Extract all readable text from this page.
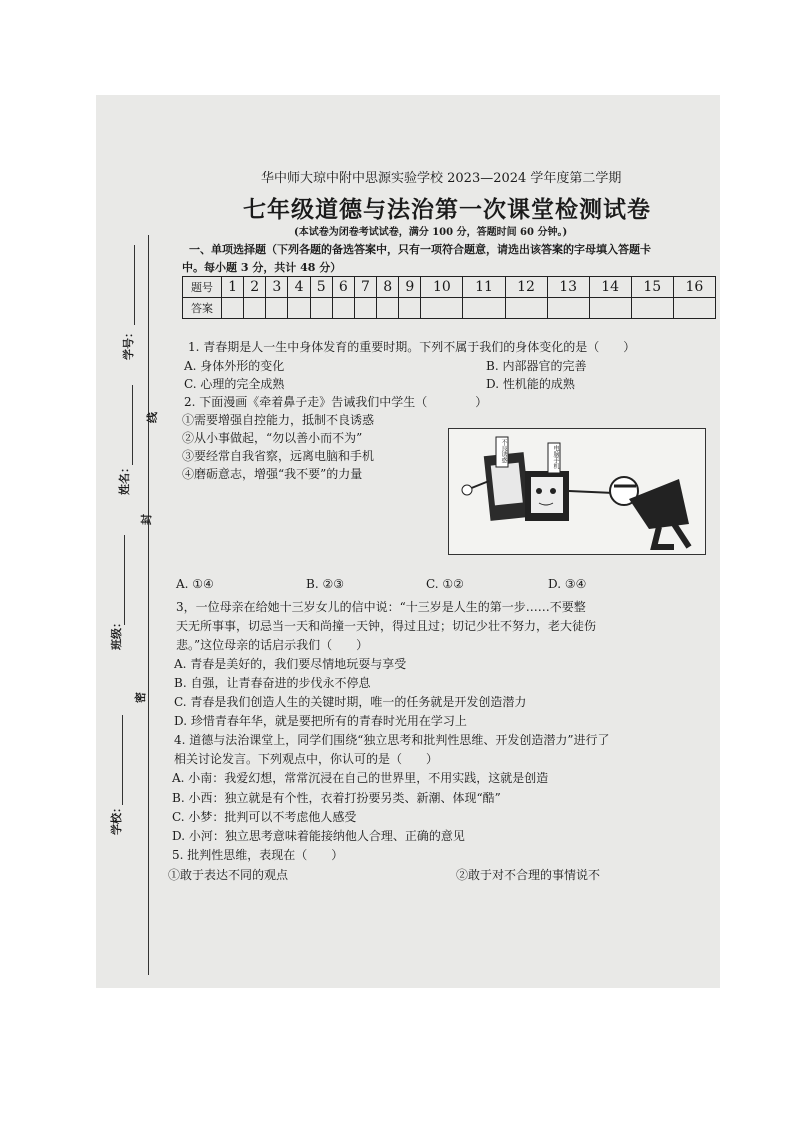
学号：
线
姓名：
封
班级：
密
学校：
华中师大琼中附中思源实验学校 2023—2024 学年度第二学期
七年级道德与法治第一次课堂检测试卷
(本试卷为闭卷考试试卷，满分 100 分，答题时间 60 分钟。)
一、单项选择题（下列各题的备选答案中，只有一项符合题意，请选出该答案的字母填入答题卡
中。每小题 3 分，共计 48 分）
题号	1	2	3	4	5	6	7	8	9	10	11	12	13	14	15	16
答案																
1. 青春期是人一生中身体发育的重要时期。下列不属于我们的身体变化的是（　　）
A. 身体外形的变化	B. 内部器官的完善
C. 心理的完全成熟	D. 性机能的成熟
2. 下面漫画《牵着鼻子走》告诫我们中学生（　　　　）
①需要增强自控能力，抵制不良诱惑
②从小事做起，“勿以善小而不为”
③要经常自我省察，远离电脑和手机
④磨砺意志，增强“我不要”的力量
不良诱惑	电脑手机
A. ①④	B. ②③	C. ①②	D. ③④
3，一位母亲在给她十三岁女儿的信中说：“十三岁是人生的第一步……不要整
天无所事事，切忌当一天和尚撞一天钟，得过且过；切记少壮不努力，老大徒伤
悲。”这位母亲的话启示我们（　　）
A. 青春是美好的，我们要尽情地玩耍与享受
B. 自强，让青春奋进的步伐永不停息
C. 青春是我们创造人生的关键时期，唯一的任务就是开发创造潜力
D. 珍惜青春年华，就是要把所有的青春时光用在学习上
4. 道德与法治课堂上，同学们围绕“独立思考和批判性思维、开发创造潜力”进行了
相关讨论发言。下列观点中，你认可的是（　　）
A. 小南：我爱幻想，常常沉浸在自己的世界里，不用实践，这就是创造
B. 小西：独立就是有个性，衣着打扮要另类、新潮、体现“酷”
C. 小梦：批判可以不考虑他人感受
D. 小河：独立思考意味着能接纳他人合理、正确的意见
5. 批判性思维，表现在（　　）
①敢于表达不同的观点	②敢于对不合理的事情说不
